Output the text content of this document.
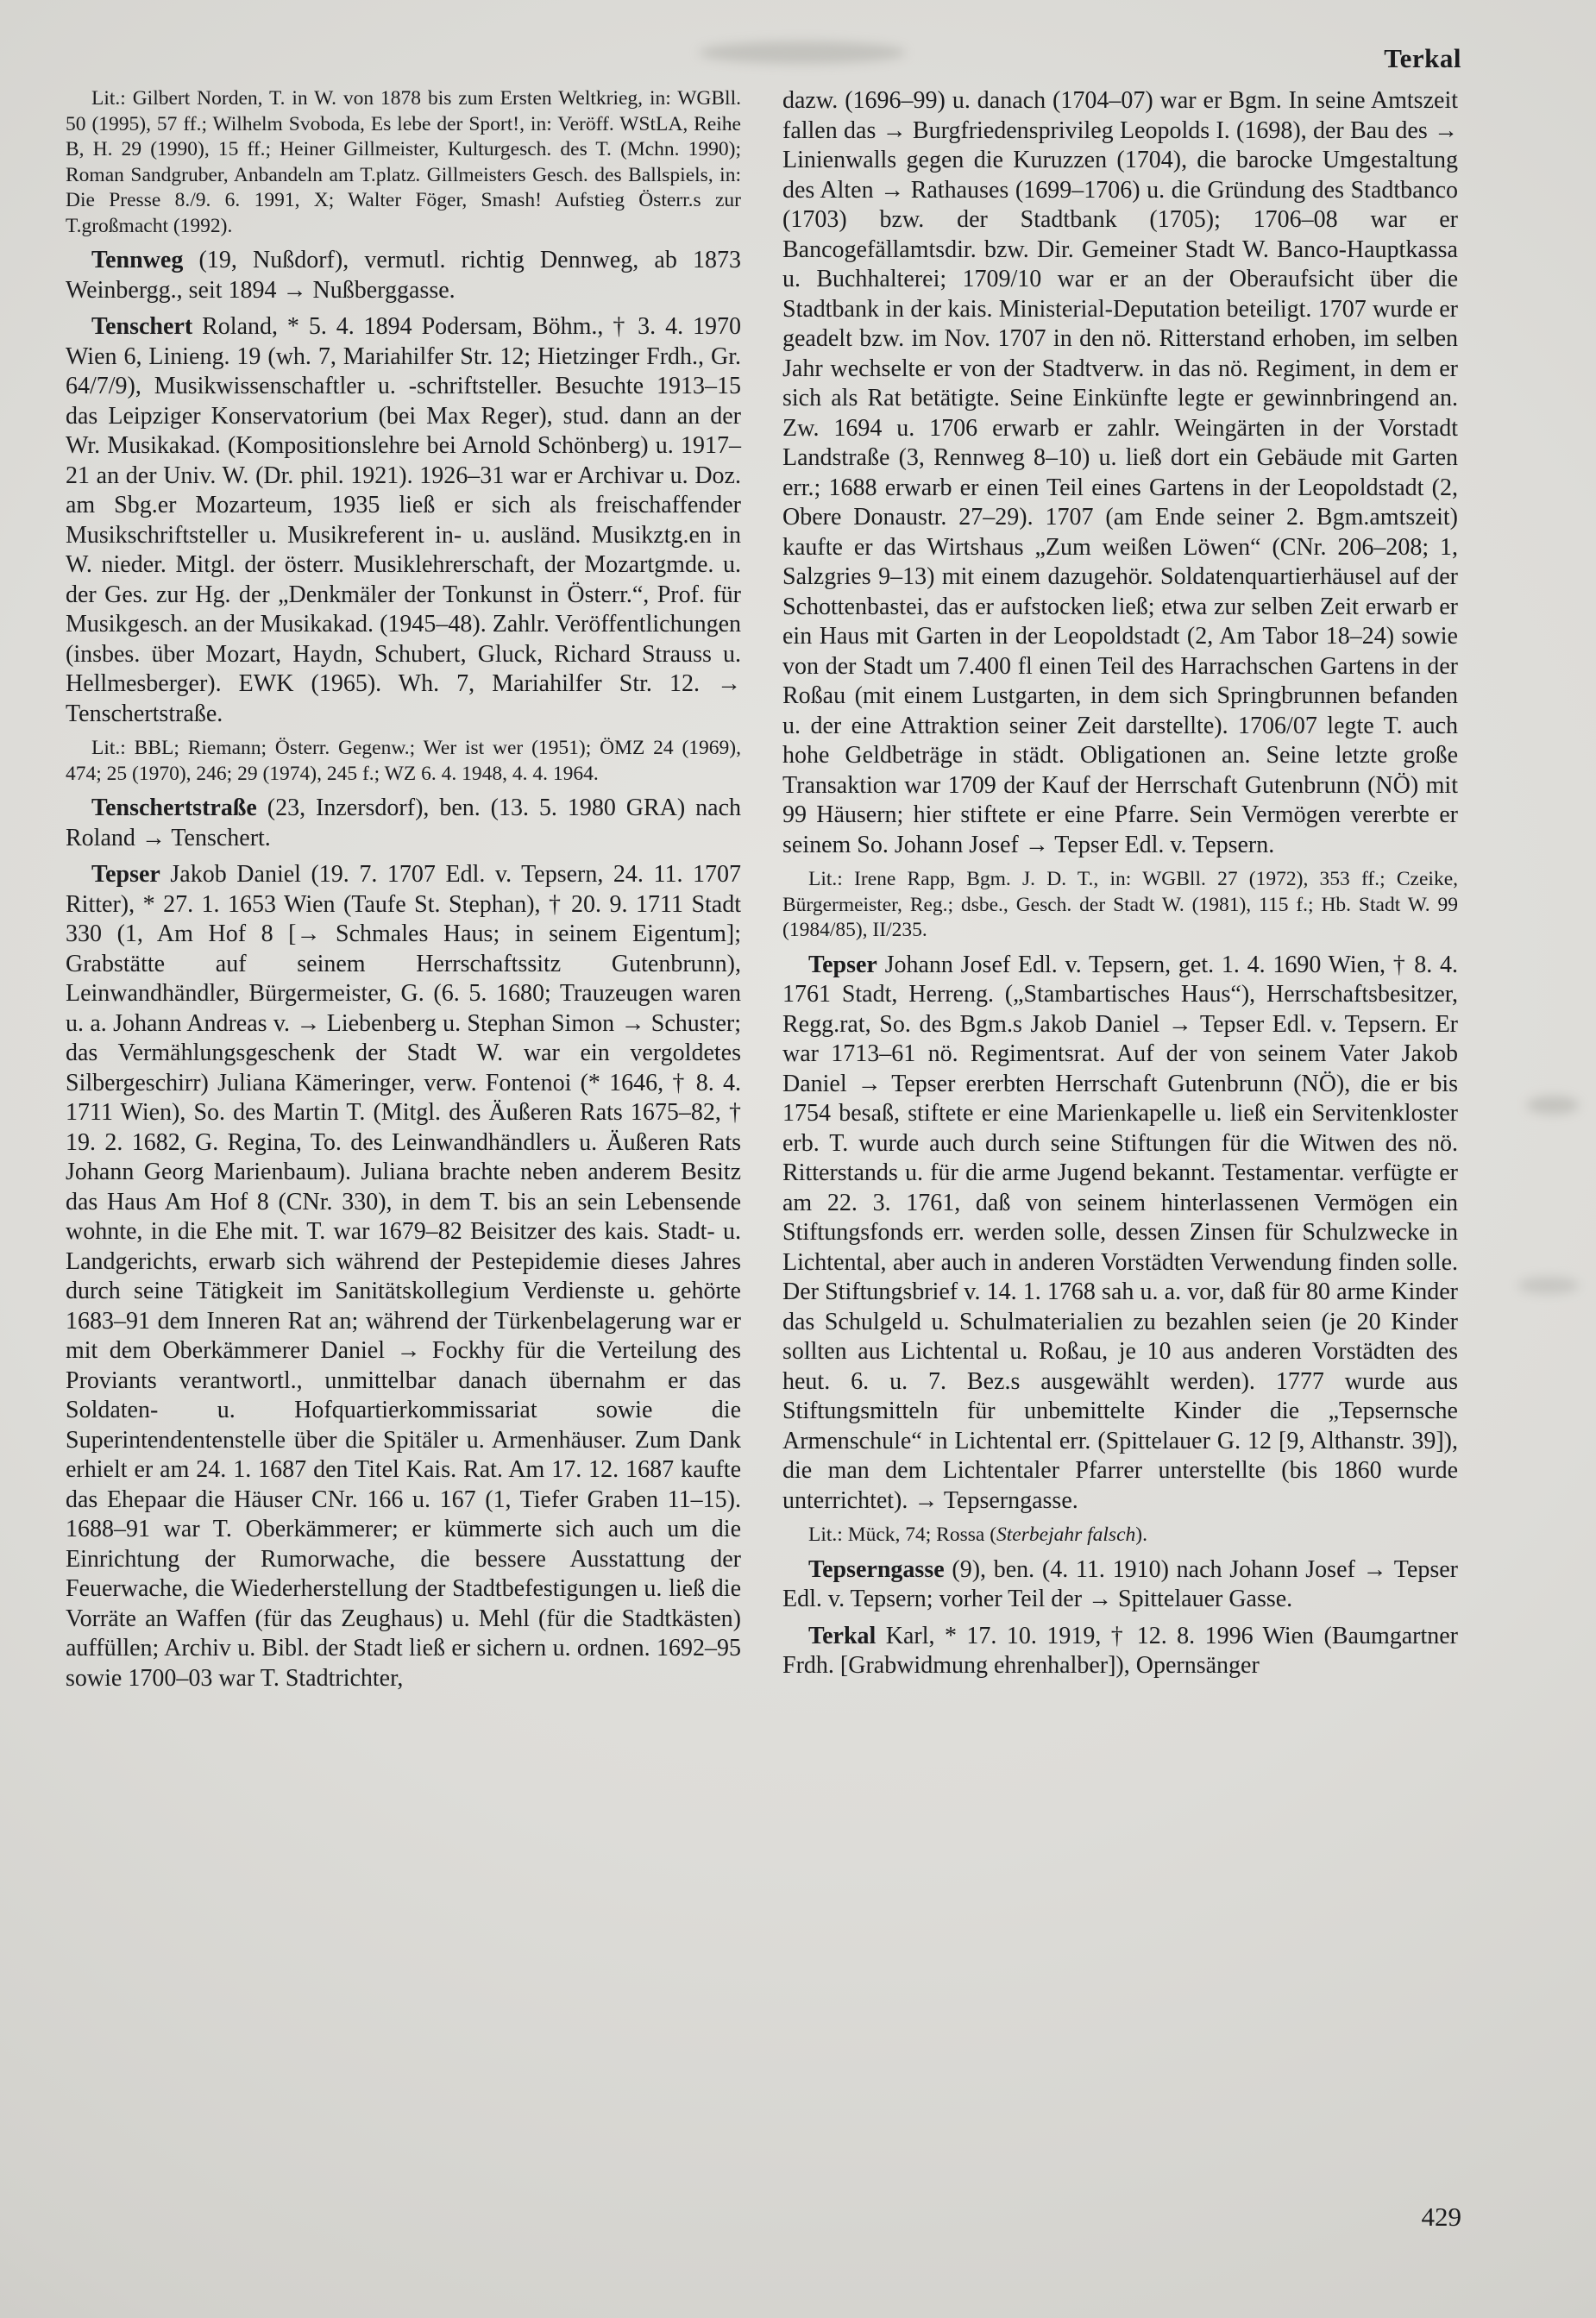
Terkal

Lit.: Gilbert Norden, T. in W. von 1878 bis zum Ersten Weltkrieg, in: WGBll. 50 (1995), 57 ff.; Wilhelm Svoboda, Es lebe der Sport!, in: Veröff. WStLA, Reihe B, H. 29 (1990), 15 ff.; Heiner Gillmeister, Kulturgesch. des T. (Mchn. 1990); Roman Sandgruber, Anbandeln am T.platz. Gillmeisters Gesch. des Ballspiels, in: Die Presse 8./9. 6. 1991, X; Walter Föger, Smash! Aufstieg Österr.s zur T.großmacht (1992).

Tennweg (19, Nußdorf), vermutl. richtig Dennweg, ab 1873 Weinbergg., seit 1894 → Nußberggasse.

Tenschert Roland, * 5. 4. 1894 Podersam, Böhm., † 3. 4. 1970 Wien 6, Linieng. 19 (wh. 7, Mariahilfer Str. 12; Hietzinger Frdh., Gr. 64/7/9), Musikwissenschaftler u. -schriftsteller. Besuchte 1913–15 das Leipziger Konservatorium (bei Max Reger), stud. dann an der Wr. Musikakad. (Kompositionslehre bei Arnold Schönberg) u. 1917–21 an der Univ. W. (Dr. phil. 1921). 1926–31 war er Archivar u. Doz. am Sbg.er Mozarteum, 1935 ließ er sich als freischaffender Musikschriftsteller u. Musikreferent in- u. ausländ. Musikztg.en in W. nieder. Mitgl. der österr. Musiklehrerschaft, der Mozartgmde. u. der Ges. zur Hg. der „Denkmäler der Tonkunst in Österr.“, Prof. für Musikgesch. an der Musikakad. (1945–48). Zahlr. Veröffentlichungen (insbes. über Mozart, Haydn, Schubert, Gluck, Richard Strauss u. Hellmesberger). EWK (1965). Wh. 7, Mariahilfer Str. 12. → Tenschertstraße.

Lit.: BBL; Riemann; Österr. Gegenw.; Wer ist wer (1951); ÖMZ 24 (1969), 474; 25 (1970), 246; 29 (1974), 245 f.; WZ 6. 4. 1948, 4. 4. 1964.

Tenschertstraße (23, Inzersdorf), ben. (13. 5. 1980 GRA) nach Roland → Tenschert.

Tepser Jakob Daniel (19. 7. 1707 Edl. v. Tepsern, 24. 11. 1707 Ritter), * 27. 1. 1653 Wien (Taufe St. Stephan), † 20. 9. 1711 Stadt 330 (1, Am Hof 8 [→ Schmales Haus; in seinem Eigentum]; Grabstätte auf seinem Herrschaftssitz Gutenbrunn), Leinwandhändler, Bürgermeister, G. (6. 5. 1680; Trauzeugen waren u. a. Johann Andreas v. → Liebenberg u. Stephan Simon → Schuster; das Vermählungsgeschenk der Stadt W. war ein vergoldetes Silbergeschirr) Juliana Kämeringer, verw. Fontenoi (* 1646, † 8. 4. 1711 Wien), So. des Martin T. (Mitgl. des Äußeren Rats 1675–82, † 19. 2. 1682, G. Regina, To. des Leinwandhändlers u. Äußeren Rats Johann Georg Marienbaum). Juliana brachte neben anderem Besitz das Haus Am Hof 8 (CNr. 330), in dem T. bis an sein Lebensende wohnte, in die Ehe mit. T. war 1679–82 Beisitzer des kais. Stadt- u. Landgerichts, erwarb sich während der Pestepidemie dieses Jahres durch seine Tätigkeit im Sanitätskollegium Verdienste u. gehörte 1683–91 dem Inneren Rat an; während der Türkenbelagerung war er mit dem Oberkämmerer Daniel → Fockhy für die Verteilung des Proviants verantwortl., unmittelbar danach übernahm er das Soldaten- u. Hofquartierkommissariat sowie die Superintendentenstelle über die Spitäler u. Armenhäuser. Zum Dank erhielt er am 24. 1. 1687 den Titel Kais. Rat. Am 17. 12. 1687 kaufte das Ehepaar die Häuser CNr. 166 u. 167 (1, Tiefer Graben 11–15). 1688–91 war T. Oberkämmerer; er kümmerte sich auch um die Einrichtung der Rumorwache, die bessere Ausstattung der Feuerwache, die Wiederherstellung der Stadtbefestigungen u. ließ die Vorräte an Waffen (für das Zeughaus) u. Mehl (für die Stadtkästen) auffüllen; Archiv u. Bibl. der Stadt ließ er sichern u. ordnen. 1692–95 sowie 1700–03 war T. Stadtrichter,

dazw. (1696–99) u. danach (1704–07) war er Bgm. In seine Amtszeit fallen das → Burgfriedensprivileg Leopolds I. (1698), der Bau des → Linienwalls gegen die Kuruzzen (1704), die barocke Umgestaltung des Alten → Rathauses (1699–1706) u. die Gründung des Stadtbanco (1703) bzw. der Stadtbank (1705); 1706–08 war er Bancogefällamtsdir. bzw. Dir. Gemeiner Stadt W. Banco-Hauptkassa u. Buchhalterei; 1709/10 war er an der Oberaufsicht über die Stadtbank in der kais. Ministerial-Deputation beteiligt. 1707 wurde er geadelt bzw. im Nov. 1707 in den nö. Ritterstand erhoben, im selben Jahr wechselte er von der Stadtverw. in das nö. Regiment, in dem er sich als Rat betätigte. Seine Einkünfte legte er gewinnbringend an. Zw. 1694 u. 1706 erwarb er zahlr. Weingärten in der Vorstadt Landstraße (3, Rennweg 8–10) u. ließ dort ein Gebäude mit Garten err.; 1688 erwarb er einen Teil eines Gartens in der Leopoldstadt (2, Obere Donaustr. 27–29). 1707 (am Ende seiner 2. Bgm.amtszeit) kaufte er das Wirtshaus „Zum weißen Löwen“ (CNr. 206–208; 1, Salzgries 9–13) mit einem dazugehör. Soldatenquartierhäusel auf der Schottenbastei, das er aufstocken ließ; etwa zur selben Zeit erwarb er ein Haus mit Garten in der Leopoldstadt (2, Am Tabor 18–24) sowie von der Stadt um 7.400 fl einen Teil des Harrachschen Gartens in der Roßau (mit einem Lustgarten, in dem sich Springbrunnen befanden u. der eine Attraktion seiner Zeit darstellte). 1706/07 legte T. auch hohe Geldbeträge in städt. Obligationen an. Seine letzte große Transaktion war 1709 der Kauf der Herrschaft Gutenbrunn (NÖ) mit 99 Häusern; hier stiftete er eine Pfarre. Sein Vermögen vererbte er seinem So. Johann Josef → Tepser Edl. v. Tepsern.

Lit.: Irene Rapp, Bgm. J. D. T., in: WGBll. 27 (1972), 353 ff.; Czeike, Bürgermeister, Reg.; dsbe., Gesch. der Stadt W. (1981), 115 f.; Hb. Stadt W. 99 (1984/85), II/235.

Tepser Johann Josef Edl. v. Tepsern, get. 1. 4. 1690 Wien, † 8. 4. 1761 Stadt, Herreng. („Stambartisches Haus“), Herrschaftsbesitzer, Regg.rat, So. des Bgm.s Jakob Daniel → Tepser Edl. v. Tepsern. Er war 1713–61 nö. Regimentsrat. Auf der von seinem Vater Jakob Daniel → Tepser ererbten Herrschaft Gutenbrunn (NÖ), die er bis 1754 besaß, stiftete er eine Marienkapelle u. ließ ein Servitenkloster erb. T. wurde auch durch seine Stiftungen für die Witwen des nö. Ritterstands u. für die arme Jugend bekannt. Testamentar. verfügte er am 22. 3. 1761, daß von seinem hinterlassenen Vermögen ein Stiftungsfonds err. werden solle, dessen Zinsen für Schulzwecke in Lichtental, aber auch in anderen Vorstädten Verwendung finden solle. Der Stiftungsbrief v. 14. 1. 1768 sah u. a. vor, daß für 80 arme Kinder das Schulgeld u. Schulmaterialien zu bezahlen seien (je 20 Kinder sollten aus Lichtental u. Roßau, je 10 aus anderen Vorstädten des heut. 6. u. 7. Bez.s ausgewählt werden). 1777 wurde aus Stiftungsmitteln für unbemittelte Kinder die „Tepsernsche Armenschule“ in Lichtental err. (Spittelauer G. 12 [9, Althanstr. 39]), die man dem Lichtentaler Pfarrer unterstellte (bis 1860 wurde unterrichtet). → Tepserngasse.

Lit.: Mück, 74; Rossa (Sterbejahr falsch).

Tepserngasse (9), ben. (4. 11. 1910) nach Johann Josef → Tepser Edl. v. Tepsern; vorher Teil der → Spittelauer Gasse.

Terkal Karl, * 17. 10. 1919, † 12. 8. 1996 Wien (Baumgartner Frdh. [Grabwidmung ehrenhalber]), Opernsänger

429
